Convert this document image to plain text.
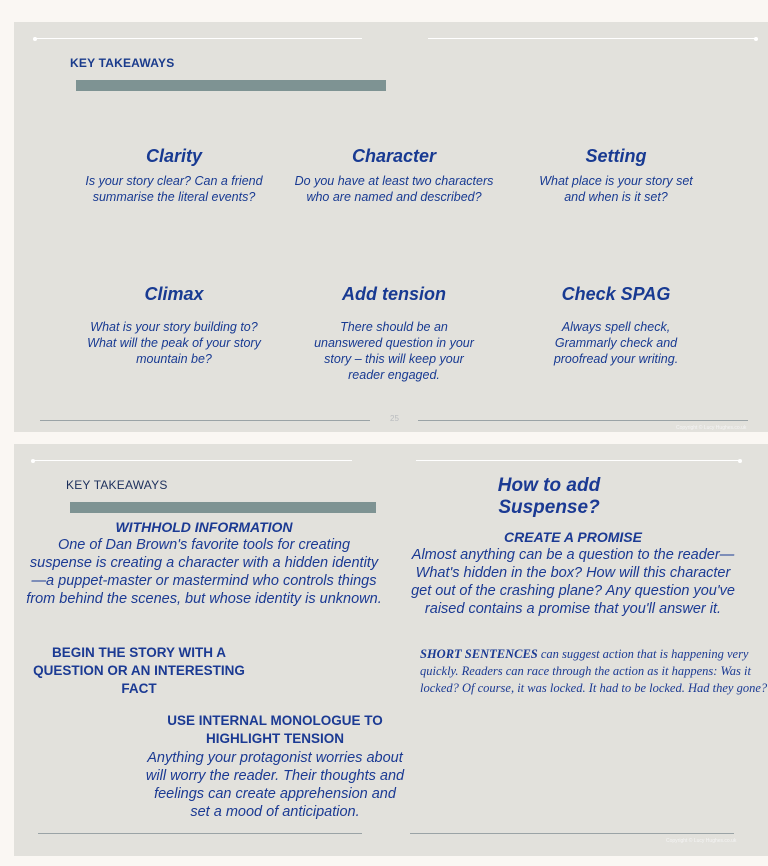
KEY TAKEAWAYS
Clarity

Is your story clear? Can a friend summarise the literal events?

Character

Do you have at least two characters who are named and described?

Setting

What place is your story set and when is it set?

Climax

What is your story building to? What will the peak of your story mountain be?

Add tension

There should be an unanswered question in your story – this will keep your reader engaged.

Check SPAG

Always spell check, Grammarly check and proofread your writing.

25
Copyright © Lucy Hughes.co.uk
KEY TAKEAWAYS
WITHHOLD INFORMATION
One of Dan Brown's favorite tools for creating suspense is creating a character with a hidden identity—a puppet-master or mastermind who controls things from behind the scenes, but whose identity is unknown.
BEGIN THE STORY WITH A QUESTION OR AN INTERESTING FACT
USE INTERNAL MONOLOGUE TO HIGHLIGHT TENSION
Anything your protagonist worries about will worry the reader. Their thoughts and feelings can create apprehension and set a mood of anticipation.
How to add Suspense?
CREATE A PROMISE
Almost anything can be a question to the reader— What's hidden in the box? How will this character get out of the crashing plane? Any question you've raised contains a promise that you'll answer it.
SHORT SENTENCES can suggest action that is happening very quickly. Readers can race through the action as it happens: Was it locked? Of course, it was locked. It had to be locked. Had they gone?
Copyright © Lucy Hughes.co.uk
